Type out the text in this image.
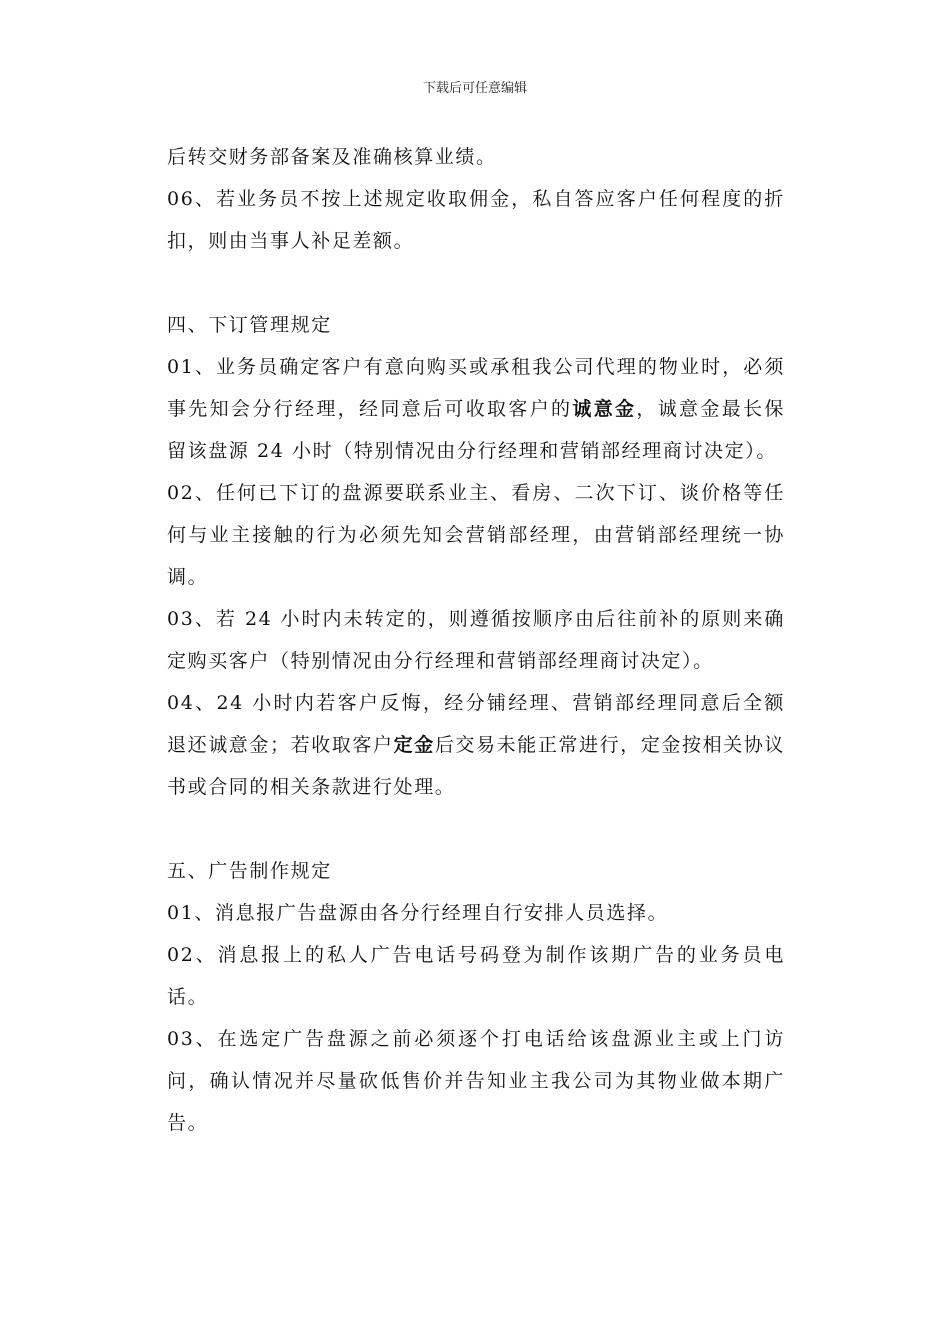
下载后可任意编辑

后转交财务部备案及准确核算业绩。

06、若业务员不按上述规定收取佣金，私自答应客户任何程度的折扣，则由当事人补足差额。

四、下订管理规定

01、业务员确定客户有意向购买或承租我公司代理的物业时，必须事先知会分行经理，经同意后可收取客户的诚意金，诚意金最长保留该盘源 24 小时（特别情况由分行经理和营销部经理商讨决定）。

02、任何已下订的盘源要联系业主、看房、二次下订、谈价格等任何与业主接触的行为必须先知会营销部经理，由营销部经理统一协调。

03、若 24 小时内未转定的，则遵循按顺序由后往前补的原则来确定购买客户（特别情况由分行经理和营销部经理商讨决定）。

04、24 小时内若客户反悔，经分铺经理、营销部经理同意后全额退还诚意金；若收取客户定金后交易未能正常进行，定金按相关协议书或合同的相关条款进行处理。

五、广告制作规定

01、消息报广告盘源由各分行经理自行安排人员选择。

02、消息报上的私人广告电话号码登为制作该期广告的业务员电话。

03、在选定广告盘源之前必须逐个打电话给该盘源业主或上门访问，确认情况并尽量砍低售价并告知业主我公司为其物业做本期广告。
